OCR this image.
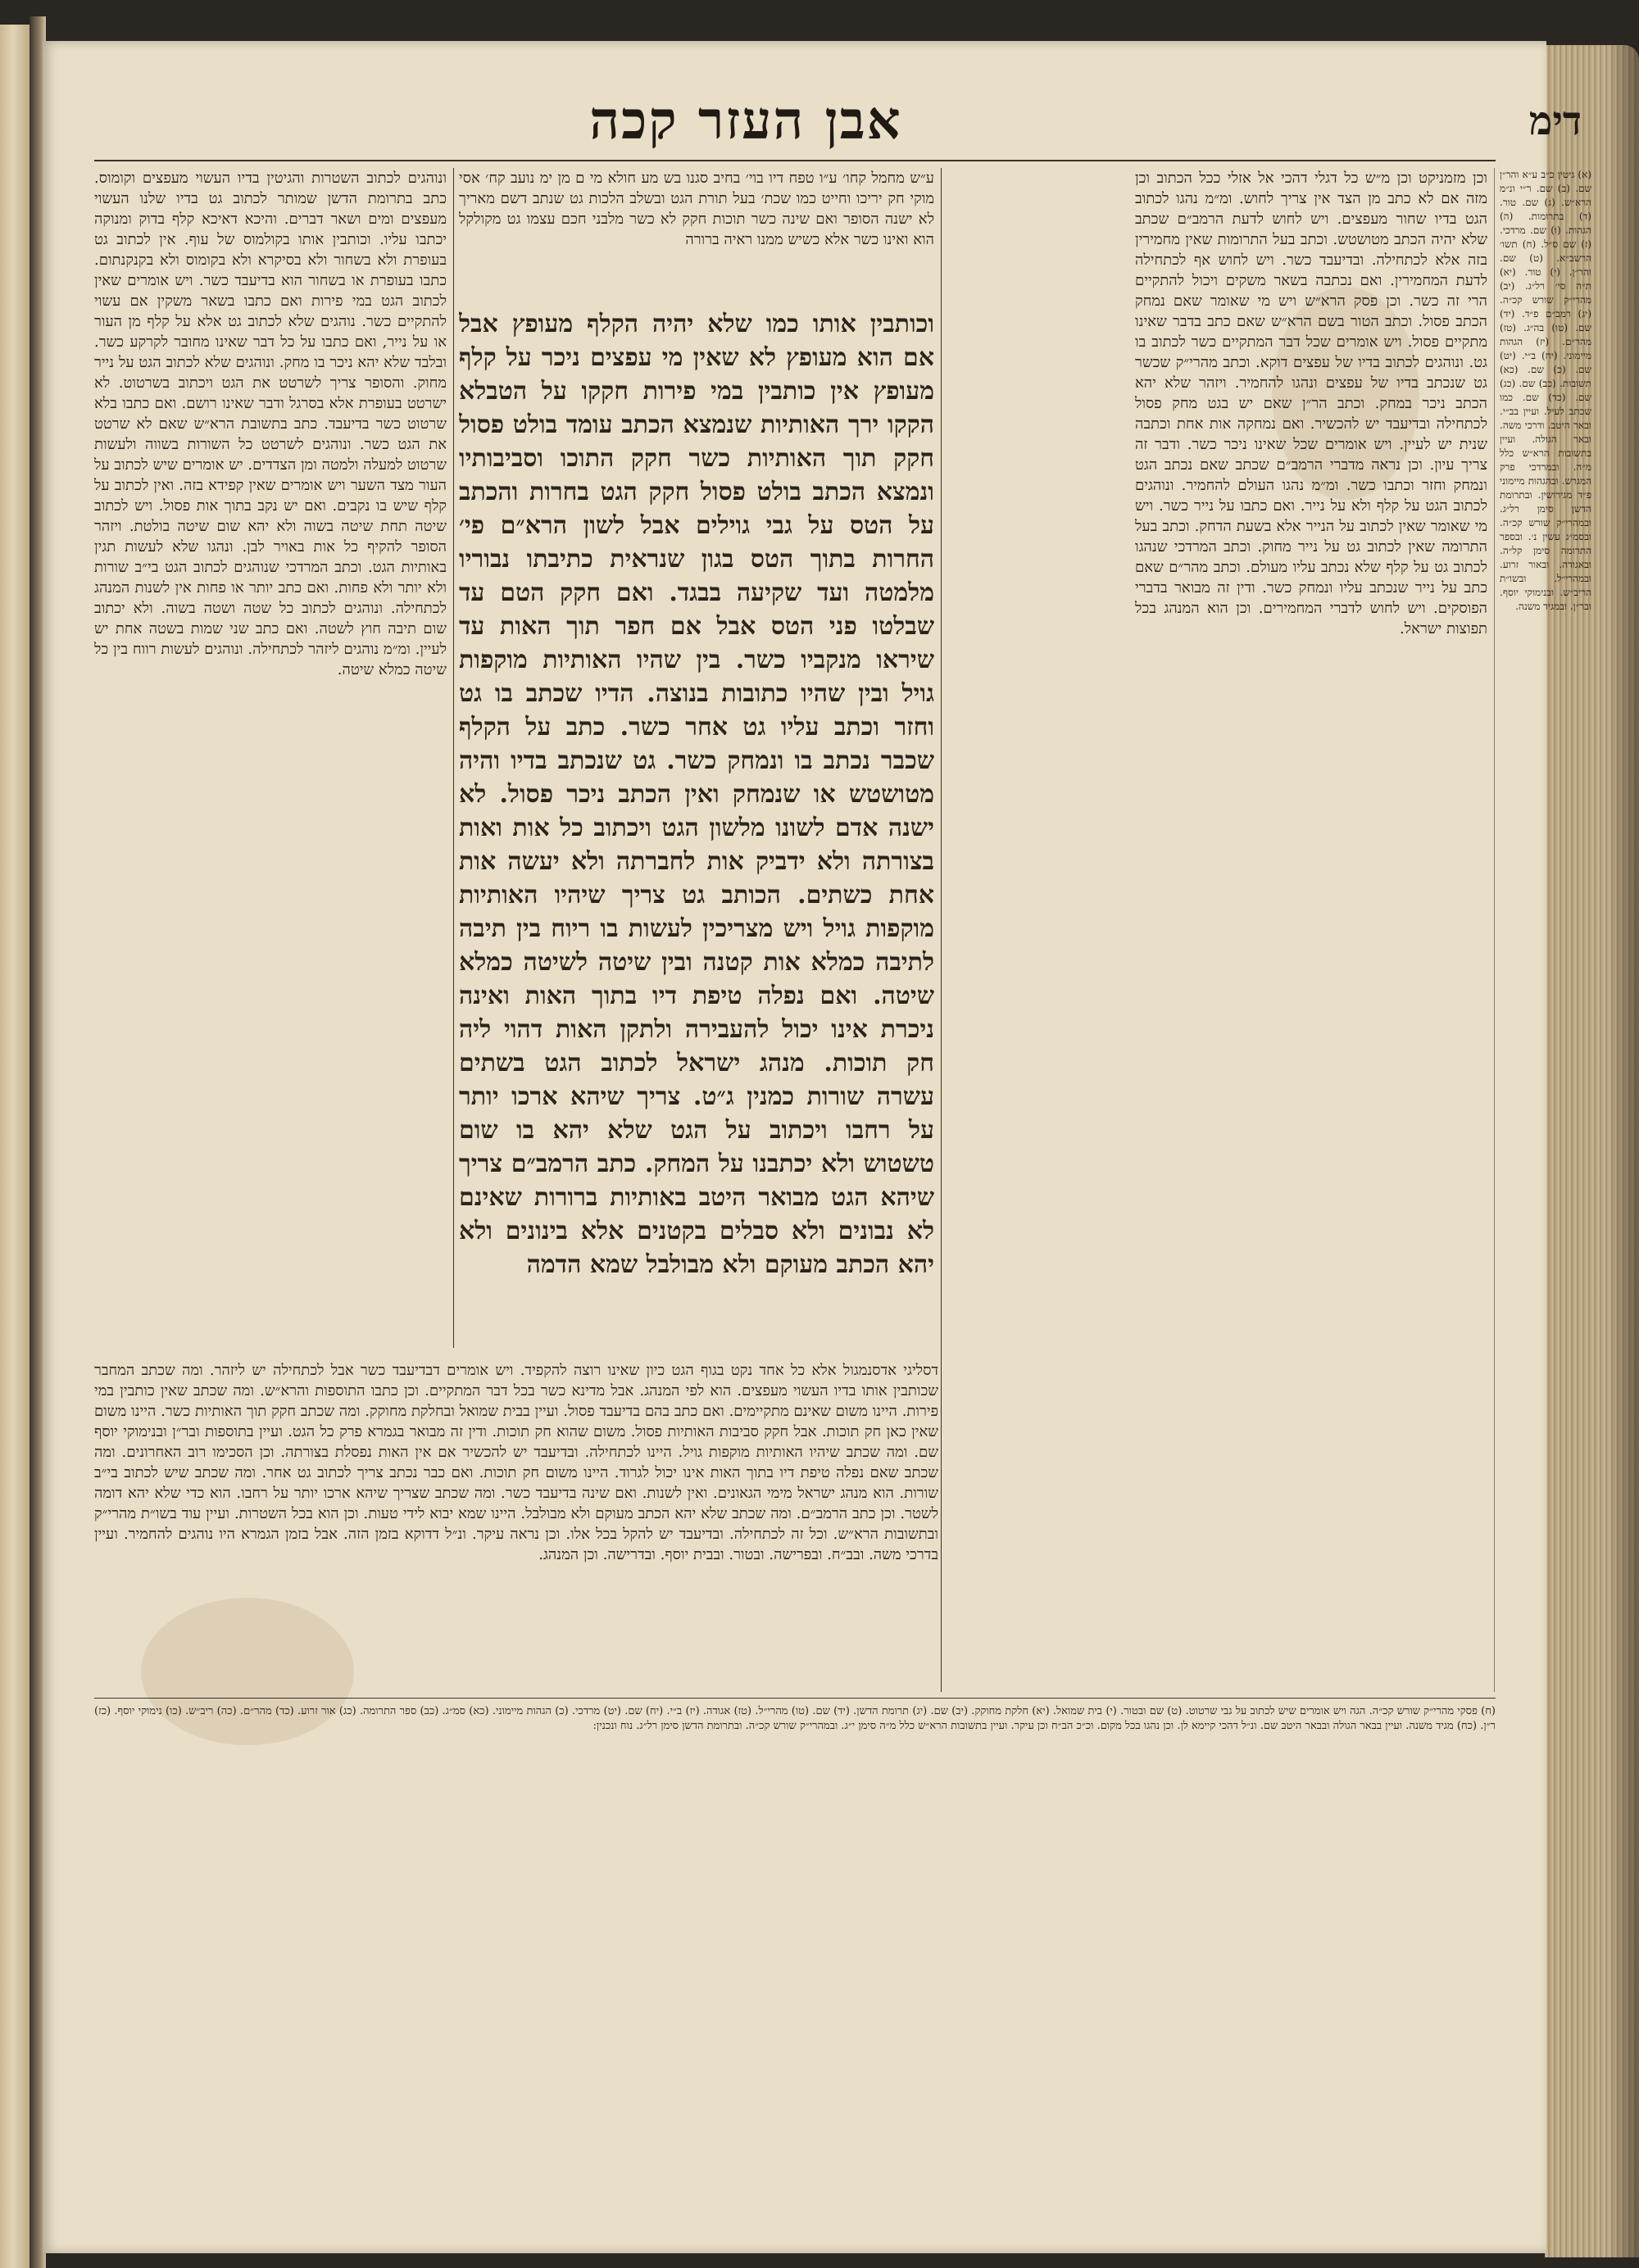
אבן העזר קכה	דימ
ע״ש מחמל קחו׳ ע״ו טפח דיו בוי׳ בחיב סגנו בש מע חולא מי ם מן ימ נועב קח׳ אסי מוקי חק יריכו וחייט כמו שכת׳ בעל תורת הגט ובשלב הלכות גט שנתב דשם מאריך לא ישנה הסופר ואם שינה כשר תוכות חקק לא כשר מלבני חכם עצמו גט מקולקל הוא ואינו כשר אלא כשיש ממנו ראיה ברורה
וכותבין אותו כמו שלא יהיה הקלף מעופץ אבל אם הוא מעופץ לא שאין מי עפצים ניכר על קלף מעופץ אין כותבין במי פירות חקקו על הטבלא הקקו ירך האותיות שנמצא הכתב עומד בולט פסול חקק תוך האותיות כשר חקק התוכו וסביבותיו ונמצא הכתב בולט פסול חקק הגט בחרות והכתב על הטס על גבי גוילים אבל לשון הרא״ם פי׳ החרות בתוך הטס בגון שנראית כתיבתו נבוריו מלמטה ועד שקיעה בבגד. ואם חקק הטם עד שבלטו פני הטס אבל אם חפר תוך האות עד שיראו מנקביו כשר. בין שהיו האותיות מוקפות גויל ובין שהיו כתובות בנוצה. הדיו שכתב בו גט וחזר וכתב עליו גט אחר כשר. כתב על הקלף שכבר נכתב בו ונמחק כשר. גט שנכתב בדיו והיה מטושטש או שנמחק ואין הכתב ניכר פסול. לא ישנה אדם לשונו מלשון הגט ויכתוב כל אות ואות בצורתה ולא ידביק אות לחברתה ולא יעשה אות אחת כשתים. הכותב גט צריך שיהיו האותיות מוקפות גויל ויש מצריכין לעשות בו ריוח בין תיבה לתיבה כמלא אות קטנה ובין שיטה לשיטה כמלא שיטה. ואם נפלה טיפת דיו בתוך האות ואינה ניכרת אינו יכול להעבירה ולתקן האות דהוי ליה חק תוכות. מנהג ישראל לכתוב הגט בשתים עשרה שורות כמנין ג״ט. צריך שיהא ארכו יותר על רחבו ויכתוב על הגט שלא יהא בו שום טשטוש ולא יכתבנו על המחק. כתב הרמב״ם צריך שיהא הגט מבואר היטב באותיות ברורות שאינם לא נבונים ולא סבלים בקטנים אלא בינונים ולא יהא הכתב מעוקם ולא מבולבל שמא הדמה
ונוהגים לכתוב השטרות והגיטין בדיו העשוי מעפצים וקומוס. כתב בתרומת הדשן שמותר לכתוב גט בדיו שלנו העשוי מעפצים ומים ושאר דברים. והיכא דאיכא קלף בדוק ומנוקה יכתבו עליו. וכותבין אותו בקולמוס של עוף. אין לכתוב גט בעופרת ולא בשחור ולא בסיקרא ולא בקומוס ולא בקנקנתום. כתבו בעופרת או בשחור הוא בדיעבד כשר. ויש אומרים שאין לכתוב הגט במי פירות ואם כתבו בשאר משקין אם עשוי להתקיים כשר. נוהגים שלא לכתוב גט אלא על קלף מן העור או על נייר, ואם כתבו על כל דבר שאינו מחובר לקרקע כשר. ובלבד שלא יהא ניכר בו מחק. ונוהגים שלא לכתוב הגט על נייר מחוק. והסופר צריך לשרטט את הגט ויכתוב בשרטוט. לא ישרטט בעופרת אלא בסרגל ודבר שאינו רושם. ואם כתבו בלא שרטוט כשר בדיעבד. כתב בתשובת הרא״ש שאם לא שרטט את הגט כשר. ונוהגים לשרטט כל השורות בשווה ולעשות שרטוט למעלה ולמטה ומן הצדדים. יש אומרים שיש לכתוב על העור מצד השער ויש אומרים שאין קפידא בזה. ואין לכתוב על קלף שיש בו נקבים. ואם יש נקב בתוך אות פסול. ויש לכתוב שיטה תחת שיטה בשוה ולא יהא שום שיטה בולטת. ויזהר הסופר להקיף כל אות באויר לבן. ונהגו שלא לעשות תגין באותיות הגט. וכתב המרדכי שנוהגים לכתוב הגט בי״ב שורות ולא יותר ולא פחות. ואם כתב יותר או פחות אין לשנות המנהג לכתחילה. ונוהגים לכתוב כל שטה ושטה בשוה. ולא יכתוב שום תיבה חוץ לשטה. ואם כתב שני שמות בשטה אחת יש לעיין. ומ״מ נוהגים ליזהר לכתחילה. ונוהגים לעשות רווח בין כל שיטה כמלא שיטה.
וכן מזמניקט וכן מ״ש כל דגלי דהכי אל אזלי ככל הכתוב וכן מזה אם לא כתב מן הצד אין צריך לחוש. ומ״מ נהגו לכתוב הגט בדיו שחור מעפצים. ויש לחוש לדעת הרמב״ם שכתב שלא יהיה הכתב מטושטש. וכתב בעל התרומות שאין מחמירין בזה אלא לכתחילה. ובדיעבד כשר. ויש לחוש אף לכתחילה לדעת המחמירין. ואם נכתבה בשאר משקים ויכול להתקיים הרי זה כשר. וכן פסק הרא״ש ויש מי שאומר שאם נמחק הכתב פסול. וכתב הטור בשם הרא״ש שאם כתב בדבר שאינו מתקיים פסול. ויש אומרים שכל דבר המתקיים כשר לכתוב בו גט. ונוהגים לכתוב בדיו של עפצים דוקא. וכתב מהרי״ק שכשר גט שנכתב בדיו של עפצים ונהגו להחמיר. ויזהר שלא יהא הכתב ניכר במחק. וכתב הר״ן שאם יש בגט מחק פסול לכתחילה ובדיעבד יש להכשיר. ואם נמחקה אות אחת וכתבה שנית יש לעיין. ויש אומרים שכל שאינו ניכר כשר. ודבר זה צריך עיון. וכן נראה מדברי הרמב״ם שכתב שאם נכתב הגט ונמחק וחזר וכתבו כשר. ומ״מ נהגו העולם להחמיר. ונוהגים לכתוב הגט על קלף ולא על נייר. ואם כתבו על נייר כשר. ויש מי שאומר שאין לכתוב על הנייר אלא בשעת הדחק. וכתב בעל התרומה שאין לכתוב גט על נייר מחוק. וכתב המרדכי שנהגו לכתוב גט על קלף שלא נכתב עליו מעולם. וכתב מהר״ם שאם כתב על נייר שנכתב עליו ונמחק כשר. ודין זה מבואר בדברי הפוסקים. ויש לחוש לדברי המחמירים. וכן הוא המנהג בכל תפוצות ישראל.
(א) גיטין כ״ב ע״א והר״ן שם. (ב) שם. ר״י ונ״מ הרא״ש. (ג) שם. טור. (ד) בתרומות. (ה) הגהות. (ו) שם. מרדכי. (ז) שם ס״ל. (ח) תשו׳ הרשב״א. (ט) שם. והר״ן. (י) טור. (יא) ת״ה סי׳ רל״ג. (יב) מהרי״ק שורש קכ״ה. (יג) רמב״ם פ״ד. (יד) שם. (טו) בה״ג. (טז) מהר״ם. (יז) הגהות מיימוני. (יח) ב״י. (יט) שם. (כ) שם. (כא) תשובות. (כב) שם. (כג) שם. (כד) שם. כמו שכתב לעיל. ועיין בב״י. ובאר היטב. ודרכי משה. ובאר הגולה. ועיין בתשובות הרא״ש כלל מ״ה. ובמרדכי פרק המגרש. ובהגהות מיימוני פ״ד מגירושין. ובתרומת הדשן סימן רל״ג. ובמהרי״ק שורש קכ״ה. ובסמ״ג עשין נ׳. ובספר התרומה סימן קל״ה. ובאגודה. ובאור זרוע. ובמהרי״ל. ובשו״ת הריב״ש. ובנימוקי יוסף. ובר״ן. ובמגיד משנה.
דסליגי אדסנמגול אלא כל אחד נקט בגוף הגט כיון שאינו רוצה להקפיד. ויש אומרים דבדיעבד כשר אבל לכתחילה יש ליזהר. ומה שכתב המחבר שכותבין אותו בדיו העשוי מעפצים. הוא לפי המנהג. אבל מדינא כשר בכל דבר המתקיים. וכן כתבו התוספות והרא״ש. ומה שכתב שאין כותבין במי פירות. היינו משום שאינם מתקיימים. ואם כתב בהם בדיעבד פסול. ועיין בבית שמואל ובחלקת מחוקק. ומה שכתב חקק תוך האותיות כשר. היינו משום שאין כאן חק תוכות. אבל חקק סביבות האותיות פסול. משום שהוא חק תוכות. ודין זה מבואר בגמרא פרק כל הגט. ועיין בתוספות ובר״ן ובנימוקי יוסף שם. ומה שכתב שיהיו האותיות מוקפות גויל. היינו לכתחילה. ובדיעבד יש להכשיר אם אין האות נפסלת בצורתה. וכן הסכימו רוב האחרונים. ומה שכתב שאם נפלה טיפת דיו בתוך האות אינו יכול לגרוד. היינו משום חק תוכות. ואם כבר נכתב צריך לכתוב גט אחר. ומה שכתב שיש לכתוב בי״ב שורות. הוא מנהג ישראל מימי הגאונים. ואין לשנות. ואם שינה בדיעבד כשר. ומה שכתב שצריך שיהא ארכו יותר על רחבו. הוא כדי שלא יהא דומה לשטר. וכן כתב הרמב״ם. ומה שכתב שלא יהא הכתב מעוקם ולא מבולבל. היינו שמא יבוא לידי טעות. וכן הוא בכל השטרות. ועיין עוד בשו״ת מהרי״ק ובתשובות הרא״ש. וכל זה לכתחילה. ובדיעבד יש להקל בכל אלו. וכן נראה עיקר. ונ״ל דדוקא בזמן הזה. אבל בזמן הגמרא היו נוהגים להחמיר. ועיין בדרכי משה. ובב״ח. ובפרישה. ובטור. ובבית יוסף. ובדרישה. וכן המנהג.
(ח) פסקי מהרי״ק שורש קכ״ה. הגה ויש אומרים שיש לכתוב על גבי שרטוט. (ט) שם ובטור. (י) בית שמואל. (יא) חלקת מחוקק. (יב) שם. (יג) תרומת הדשן. (יד) שם. (טו) מהרי״ל. (טז) אגודה. (יז) ב״י. (יח) שם. (יט) מרדכי. (כ) הגהות מיימוני. (כא) סמ״ג. (כב) ספר התרומה. (כג) אור זרוע. (כד) מהר״ם. (כה) ריב״ש. (כו) נימוקי יוסף. (כז) ר״ן. (כח) מגיד משנה. ועיין בבאר הגולה ובבאר היטב שם. ונ״ל דהכי קיימא לן. וכן נהגו בכל מקום. וכ״כ הב״ח וכן עיקר. ועיין בתשובות הרא״ש כלל מ״ה סימן י״ג. ובמהרי״ק שורש קכ״ה. ובתרומת הדשן סימן רל״ג. נוח ונכנין:
